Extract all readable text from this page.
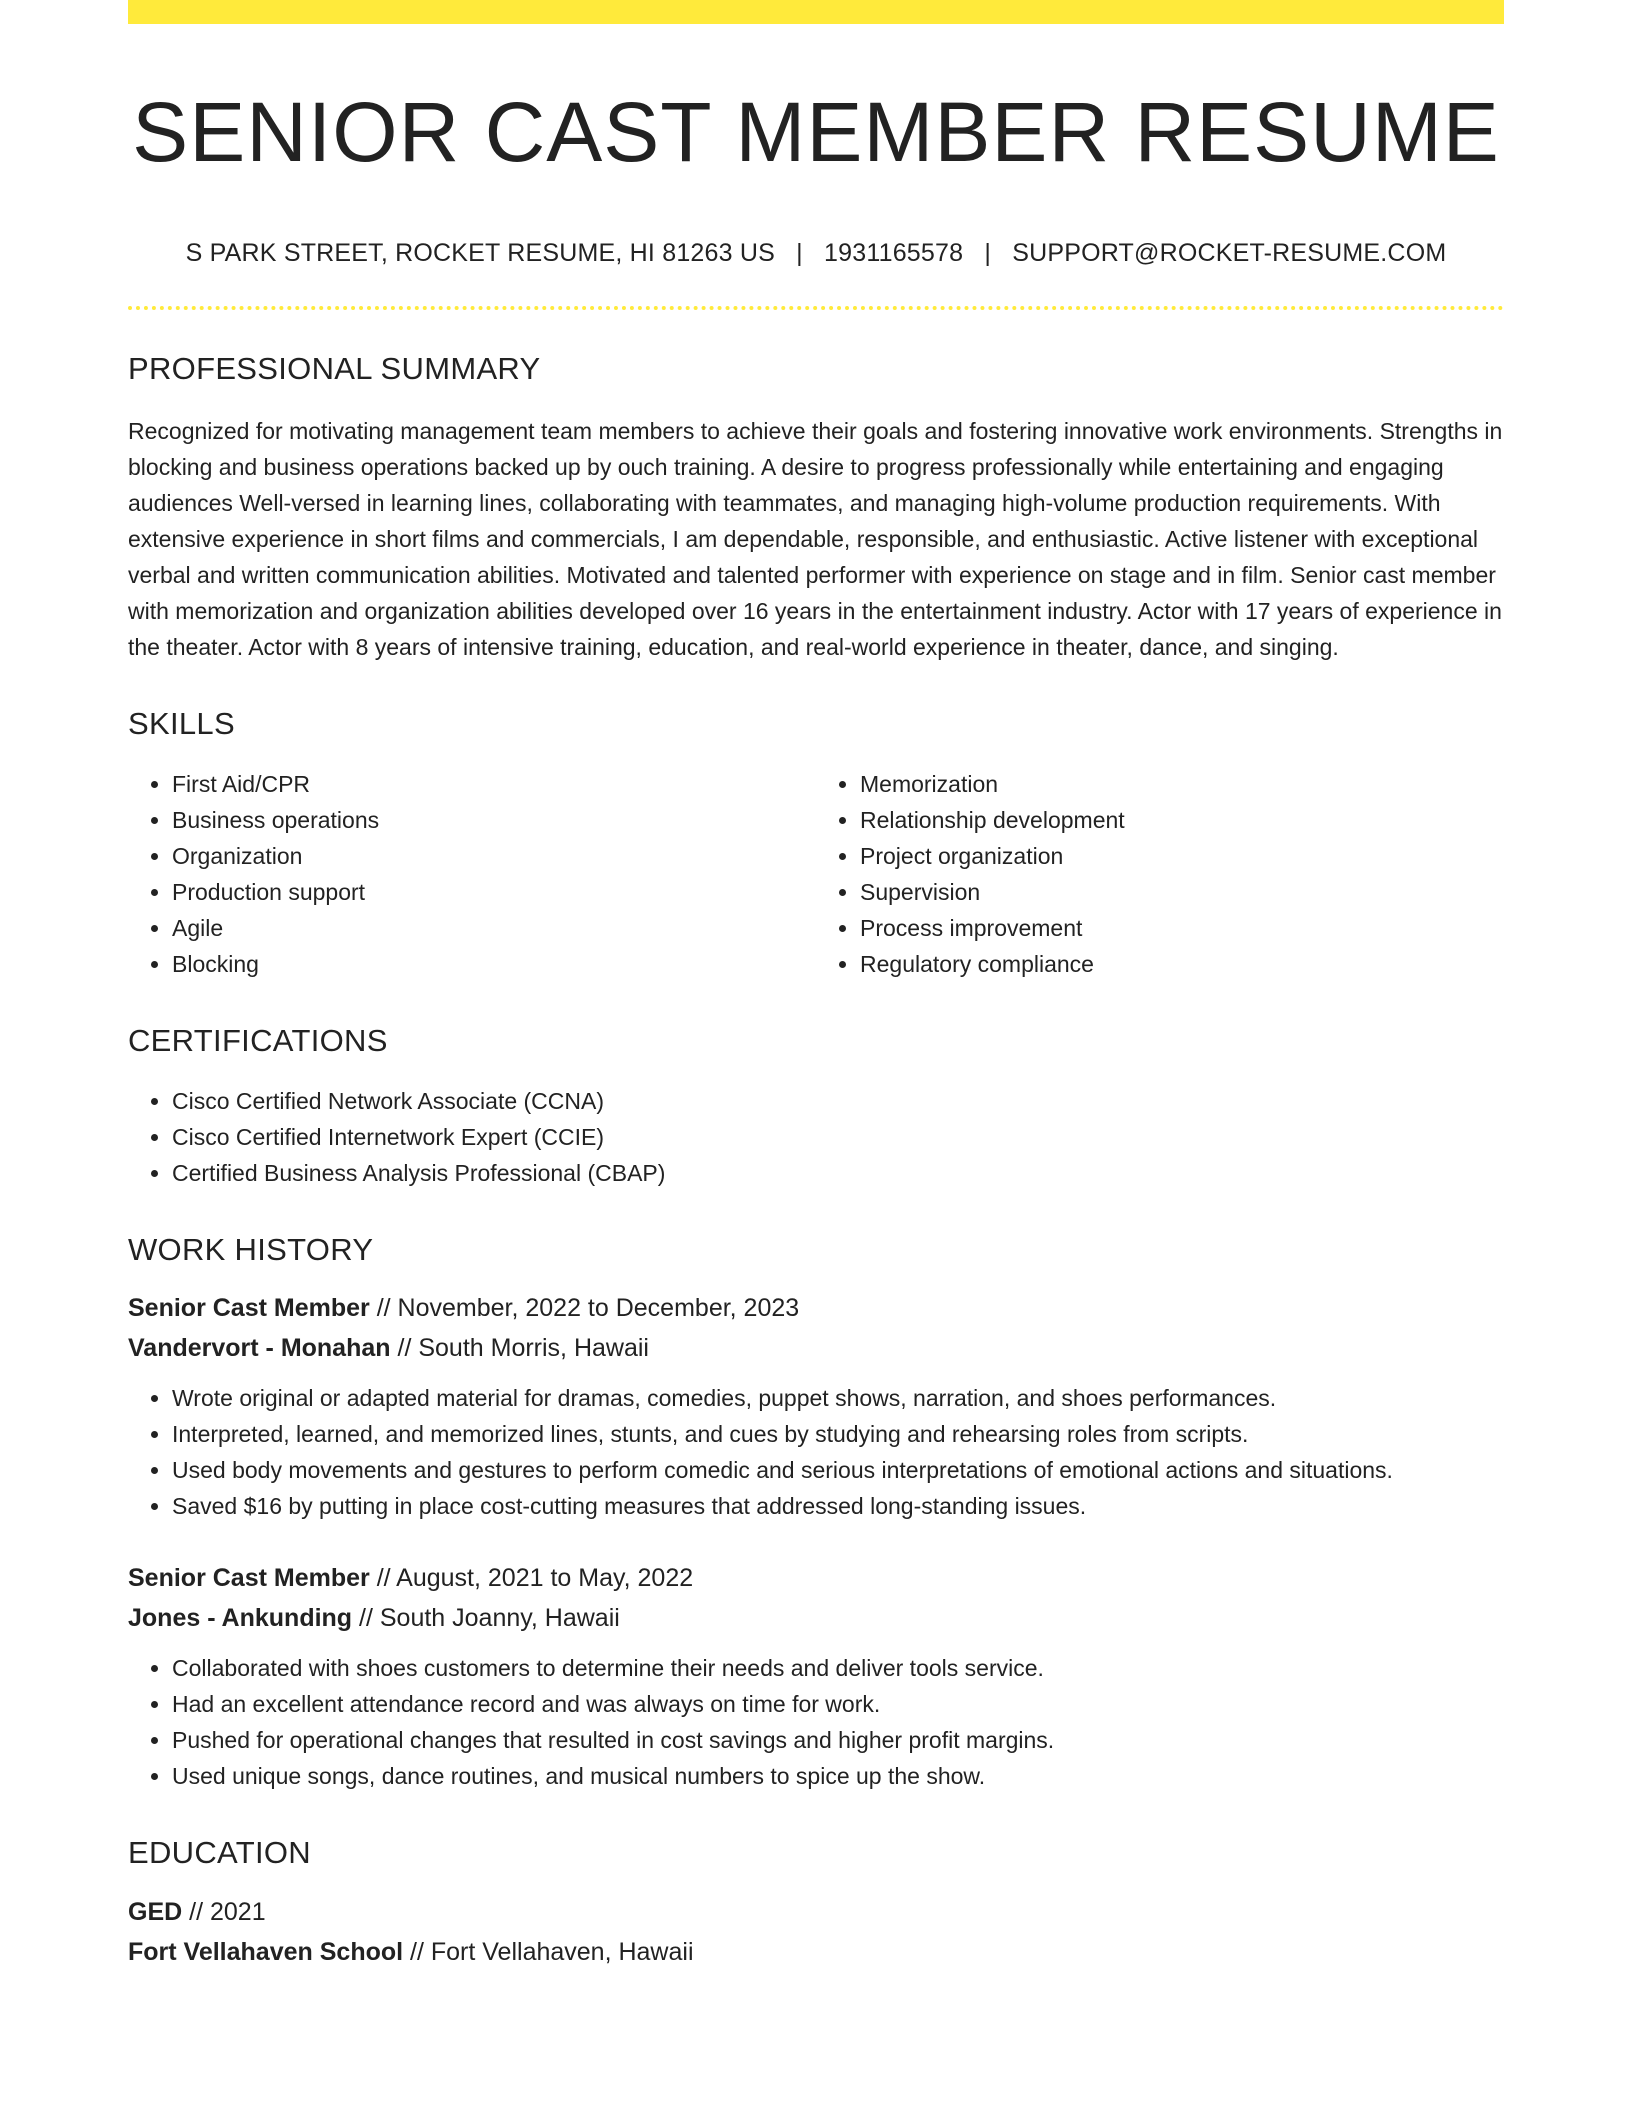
SENIOR CAST MEMBER RESUME
S PARK STREET, ROCKET RESUME, HI 81263 US | 1931165578 | SUPPORT@ROCKET-RESUME.COM
PROFESSIONAL SUMMARY

Recognized for motivating management team members to achieve their goals and fostering innovative work environments. Strengths in blocking and business operations backed up by ouch training. A desire to progress professionally while entertaining and engaging audiences Well-versed in learning lines, collaborating with teammates, and managing high-volume production requirements. With extensive experience in short films and commercials, I am dependable, responsible, and enthusiastic. Active listener with exceptional verbal and written communication abilities. Motivated and talented performer with experience on stage and in film. Senior cast member with memorization and organization abilities developed over 16 years in the entertainment industry. Actor with 17 years of experience in the theater. Actor with 8 years of intensive training, education, and real-world experience in theater, dance, and singing.

SKILLS
• First Aid/CPR
• Business operations
• Organization
• Production support
• Agile
• Blocking
• Memorization
• Relationship development
• Project organization
• Supervision
• Process improvement
• Regulatory compliance
CERTIFICATIONS
• Cisco Certified Network Associate (CCNA)
• Cisco Certified Internetwork Expert (CCIE)
• Certified Business Analysis Professional (CBAP)
WORK HISTORY
Senior Cast Member // November, 2022 to December, 2023
Vandervort - Monahan // South Morris, Hawaii
• Wrote original or adapted material for dramas, comedies, puppet shows, narration, and shoes performances.
• Interpreted, learned, and memorized lines, stunts, and cues by studying and rehearsing roles from scripts.
• Used body movements and gestures to perform comedic and serious interpretations of emotional actions and situations.
• Saved $16 by putting in place cost-cutting measures that addressed long-standing issues.
Senior Cast Member // August, 2021 to May, 2022
Jones - Ankunding // South Joanny, Hawaii
• Collaborated with shoes customers to determine their needs and deliver tools service.
• Had an excellent attendance record and was always on time for work.
• Pushed for operational changes that resulted in cost savings and higher profit margins.
• Used unique songs, dance routines, and musical numbers to spice up the show.
EDUCATION
GED // 2021
Fort Vellahaven School // Fort Vellahaven, Hawaii
